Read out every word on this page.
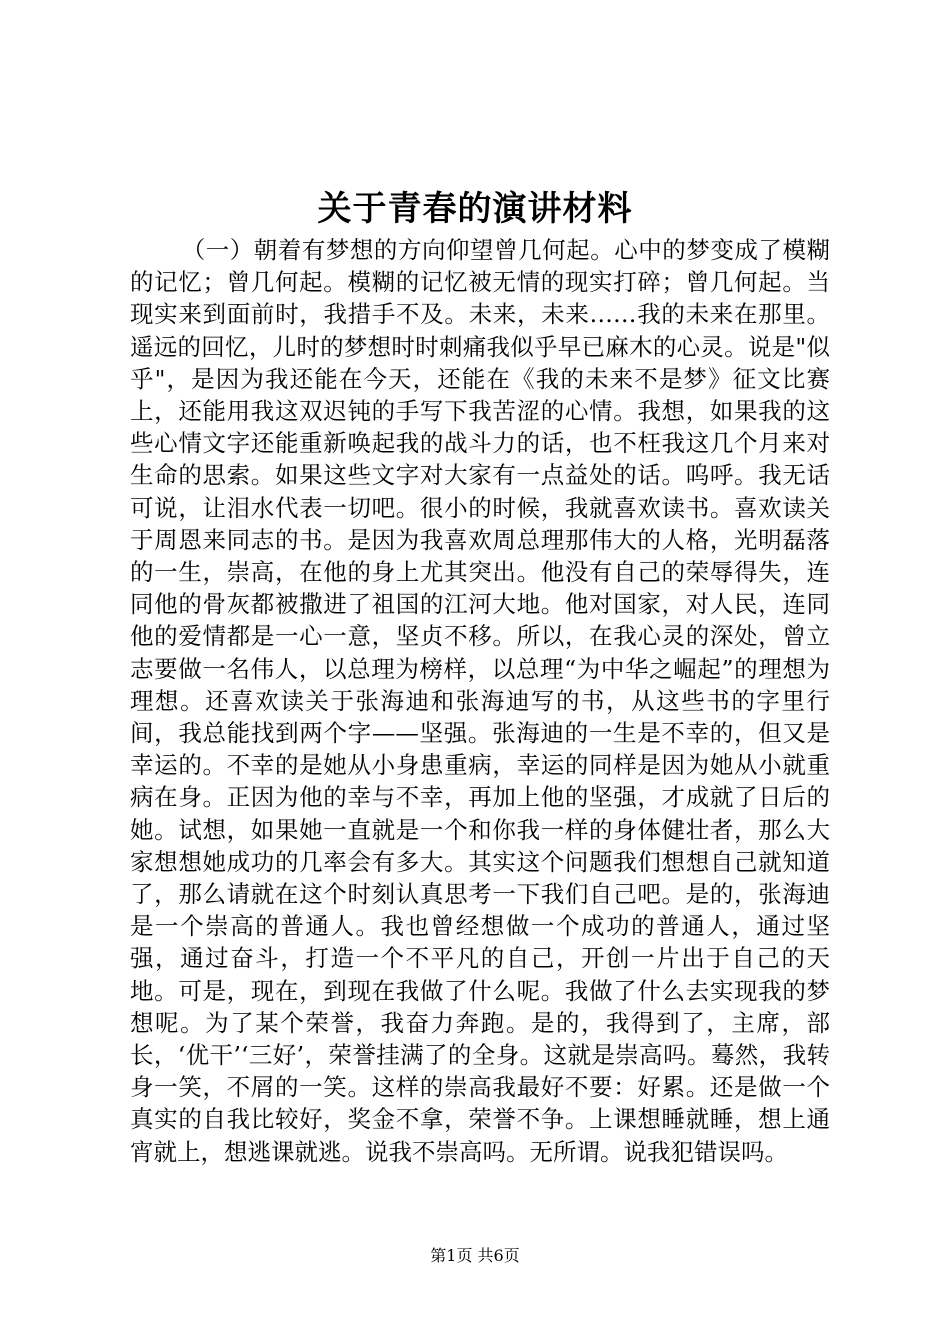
关于青春的演讲材料

（一）朝着有梦想的方向仰望曾几何起。心中的梦变成了模糊的记忆；曾几何起。模糊的记忆被无情的现实打碎；曾几何起。当现实来到面前时，我措手不及。未来，未来……我的未来在那里。遥远的回忆，儿时的梦想时时刺痛我似乎早已麻木的心灵。说是"似乎"，是因为我还能在今天，还能在《我的未来不是梦》征文比赛上，还能用我这双迟钝的手写下我苦涩的心情。我想，如果我的这些心情文字还能重新唤起我的战斗力的话，也不枉我这几个月来对生命的思索。如果这些文字对大家有一点益处的话。呜呼。我无话可说，让泪水代表一切吧。很小的时候，我就喜欢读书。喜欢读关于周恩来同志的书。是因为我喜欢周总理那伟大的人格，光明磊落的一生，崇高，在他的身上尤其突出。他没有自己的荣辱得失，连同他的骨灰都被撒进了祖国的江河大地。他对国家，对人民，连同他的爱情都是一心一意，坚贞不移。所以，在我心灵的深处，曾立志要做一名伟人，以总理为榜样，以总理“为中华之崛起”的理想为理想。还喜欢读关于张海迪和张海迪写的书，从这些书的字里行间，我总能找到两个字——坚强。张海迪的一生是不幸的，但又是幸运的。不幸的是她从小身患重病，幸运的同样是因为她从小就重病在身。正因为他的幸与不幸，再加上他的坚强，才成就了日后的她。试想，如果她一直就是一个和你我一样的身体健壮者，那么大家想想她成功的几率会有多大。其实这个问题我们想想自己就知道了，那么请就在这个时刻认真思考一下我们自己吧。是的，张海迪是一个崇高的普通人。我也曾经想做一个成功的普通人，通过坚强，通过奋斗，打造一个不平凡的自己，开创一片出于自己的天地。可是，现在，到现在我做了什么呢。我做了什么去实现我的梦想呢。为了某个荣誉，我奋力奔跑。是的，我得到了，主席，部长，‘优干’‘三好’，荣誉挂满了的全身。这就是崇高吗。蓦然，我转身一笑，不屑的一笑。这样的崇高我最好不要：好累。还是做一个真实的自我比较好，奖金不拿，荣誉不争。上课想睡就睡，想上通宵就上，想逃课就逃。说我不崇高吗。无所谓。说我犯错误吗。

第1页 共6页
